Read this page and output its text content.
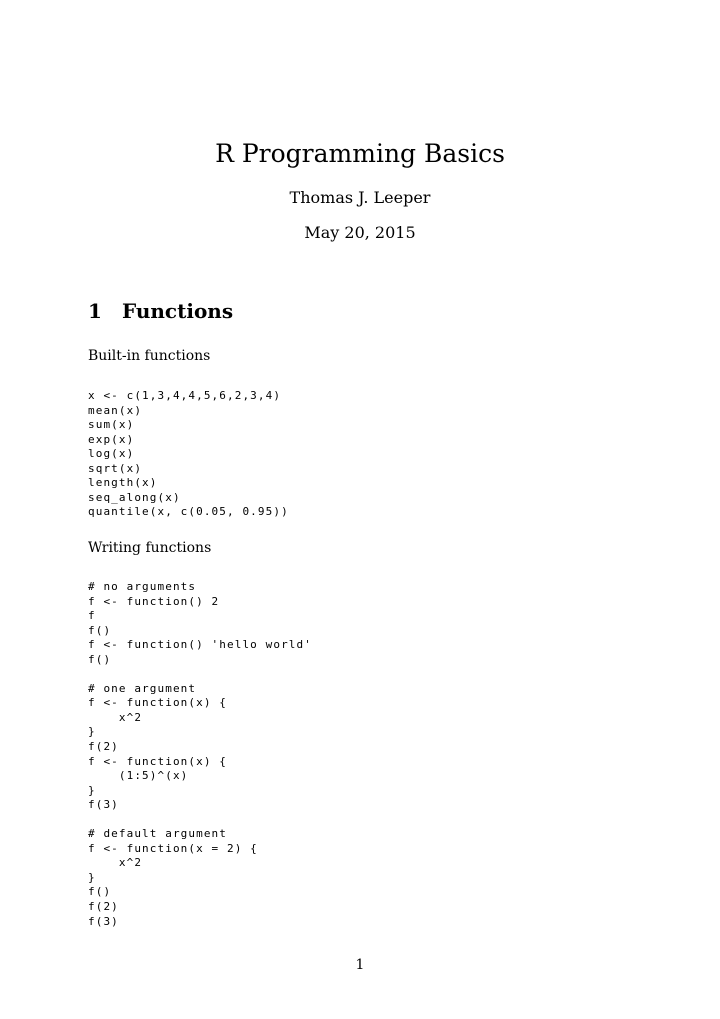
R Programming Basics
Thomas J. Leeper
May 20, 2015
1 Functions
Built-in functions
x <- c(1,3,4,4,5,6,2,3,4)
mean(x)
sum(x)
exp(x)
log(x)
sqrt(x)
length(x)
seq_along(x)
quantile(x, c(0.05, 0.95))
Writing functions
# no arguments
f <- function() 2
f
f()
f <- function() 'hello world'
f()
# one argument
f <- function(x) {
x^2
}
f(2)
f <- function(x) {
(1:5)^(x)
}
f(3)
# default argument
f <- function(x = 2) {
x^2
}
f()
f(2)
f(3)
1
